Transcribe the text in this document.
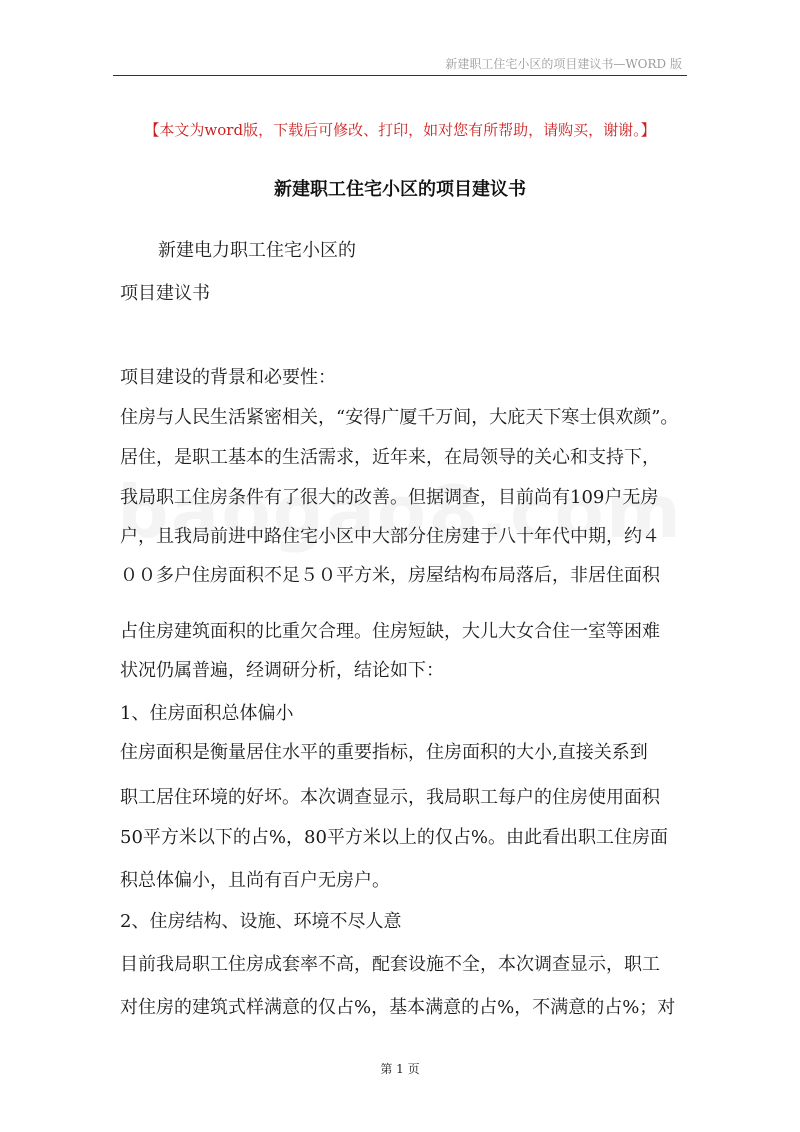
新建职工住宅小区的项目建议书—WORD 版
【本文为word版，下载后可修改、打印，如对您有所帮助，请购买，谢谢。】
新建职工住宅小区的项目建议书
新建电力职工住宅小区的
项目建议书
项目建设的背景和必要性：
住房与人民生活紧密相关，“安得广厦千万间，大庇天下寒士俱欢颜”。
居住，是职工基本的生活需求，近年来，在局领导的关心和支持下，
我局职工住房条件有了很大的改善。但据调查，目前尚有109户无房
户，且我局前进中路住宅小区中大部分住房建于八十年代中期，约４
００多户住房面积不足５０平方米，房屋结构布局落后，非居住面积
占住房建筑面积的比重欠合理。住房短缺，大儿大女合住一室等困难
状况仍属普遍，经调研分析，结论如下：
1、住房面积总体偏小
住房面积是衡量居住水平的重要指标，住房面积的大小,直接关系到
职工居住环境的好坏。本次调查显示，我局职工每户的住房使用面积
50平方米以下的占%，80平方米以上的仅占%。由此看出职工住房面
积总体偏小，且尚有百户无房户。
2、住房结构、设施、环境不尽人意
目前我局职工住房成套率不高，配套设施不全，本次调查显示，职工
对住房的建筑式样满意的仅占%，基本满意的占%，不满意的占%；对
第 1 页
